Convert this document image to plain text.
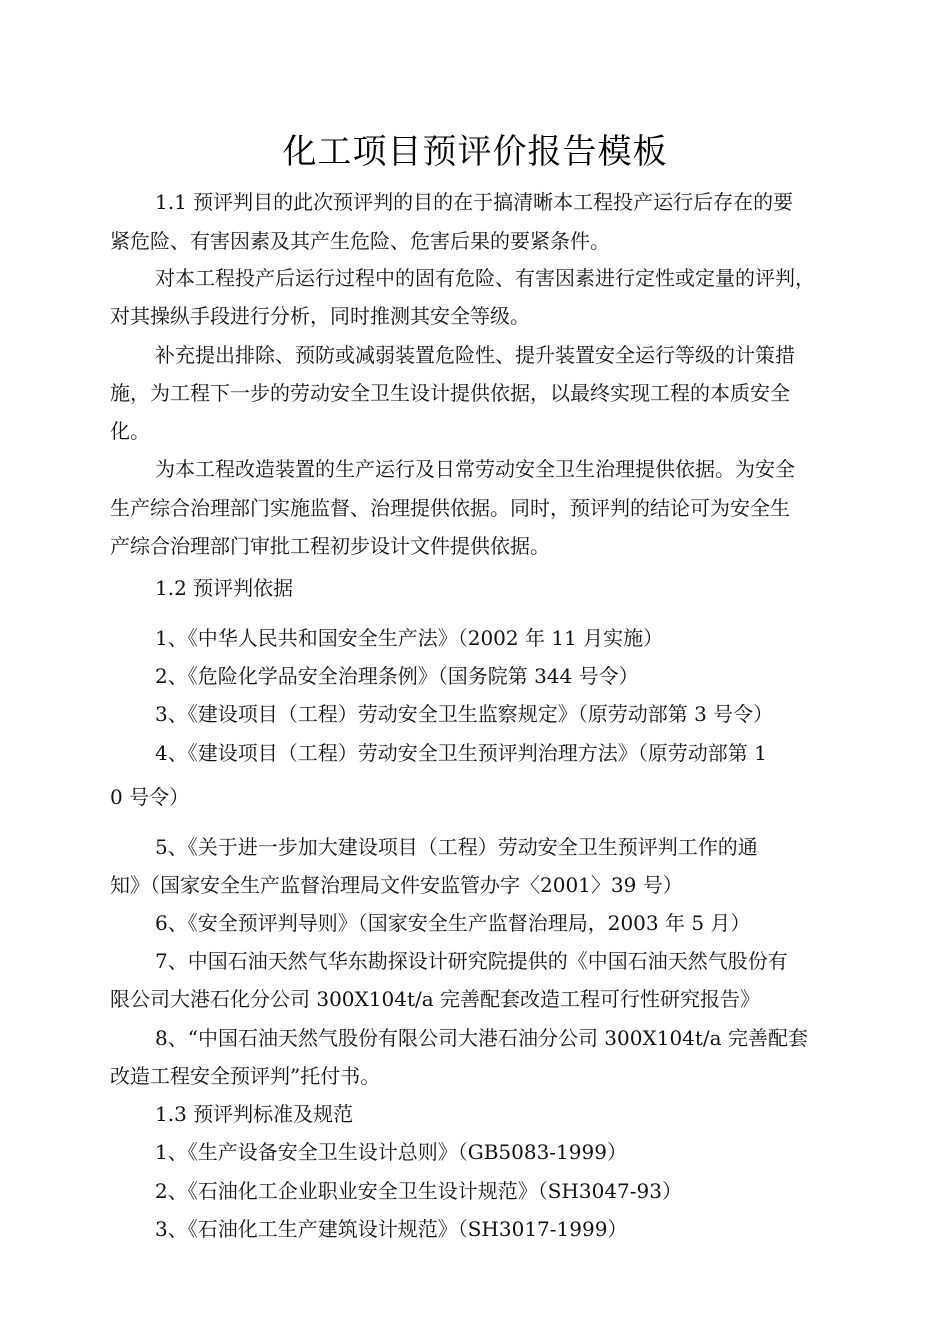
化工项目预评价报告模板
1.1 预评判目的此次预评判的目的在于搞清晰本工程投产运行后存在的要
紧危险、有害因素及其产生危险、危害后果的要紧条件。
对本工程投产后运行过程中的固有危险、有害因素进行定性或定量的评判，
对其操纵手段进行分析，同时推测其安全等级。
补充提出排除、预防或减弱装置危险性、提升装置安全运行等级的计策措
施，为工程下一步的劳动安全卫生设计提供依据，以最终实现工程的本质安全
化。
为本工程改造装置的生产运行及日常劳动安全卫生治理提供依据。为安全
生产综合治理部门实施监督、治理提供依据。同时，预评判的结论可为安全生
产综合治理部门审批工程初步设计文件提供依据。
1.2 预评判依据
1、《中华人民共和国安全生产法》（2002 年 11 月实施）
2、《危险化学品安全治理条例》（国务院第 344 号令）
3、《建设项目（工程）劳动安全卫生监察规定》（原劳动部第 3 号令）
4、《建设项目（工程）劳动安全卫生预评判治理方法》（原劳动部第 1
0 号令）
5、《关于进一步加大建设项目（工程）劳动安全卫生预评判工作的通
知》（国家安全生产监督治理局文件安监管办字〈2001〉39 号）
6、《安全预评判导则》（国家安全生产监督治理局，2003 年 5 月）
7、中国石油天然气华东勘探设计研究院提供的《中国石油天然气股份有
限公司大港石化分公司 300X104t/a 完善配套改造工程可行性研究报告》
8、“中国石油天然气股份有限公司大港石油分公司 300X104t/a 完善配套
改造工程安全预评判”托付书。
1.3 预评判标准及规范
1、《生产设备安全卫生设计总则》（GB5083-1999）
2、《石油化工企业职业安全卫生设计规范》（SH3047-93）
3、《石油化工生产建筑设计规范》（SH3017-1999）
